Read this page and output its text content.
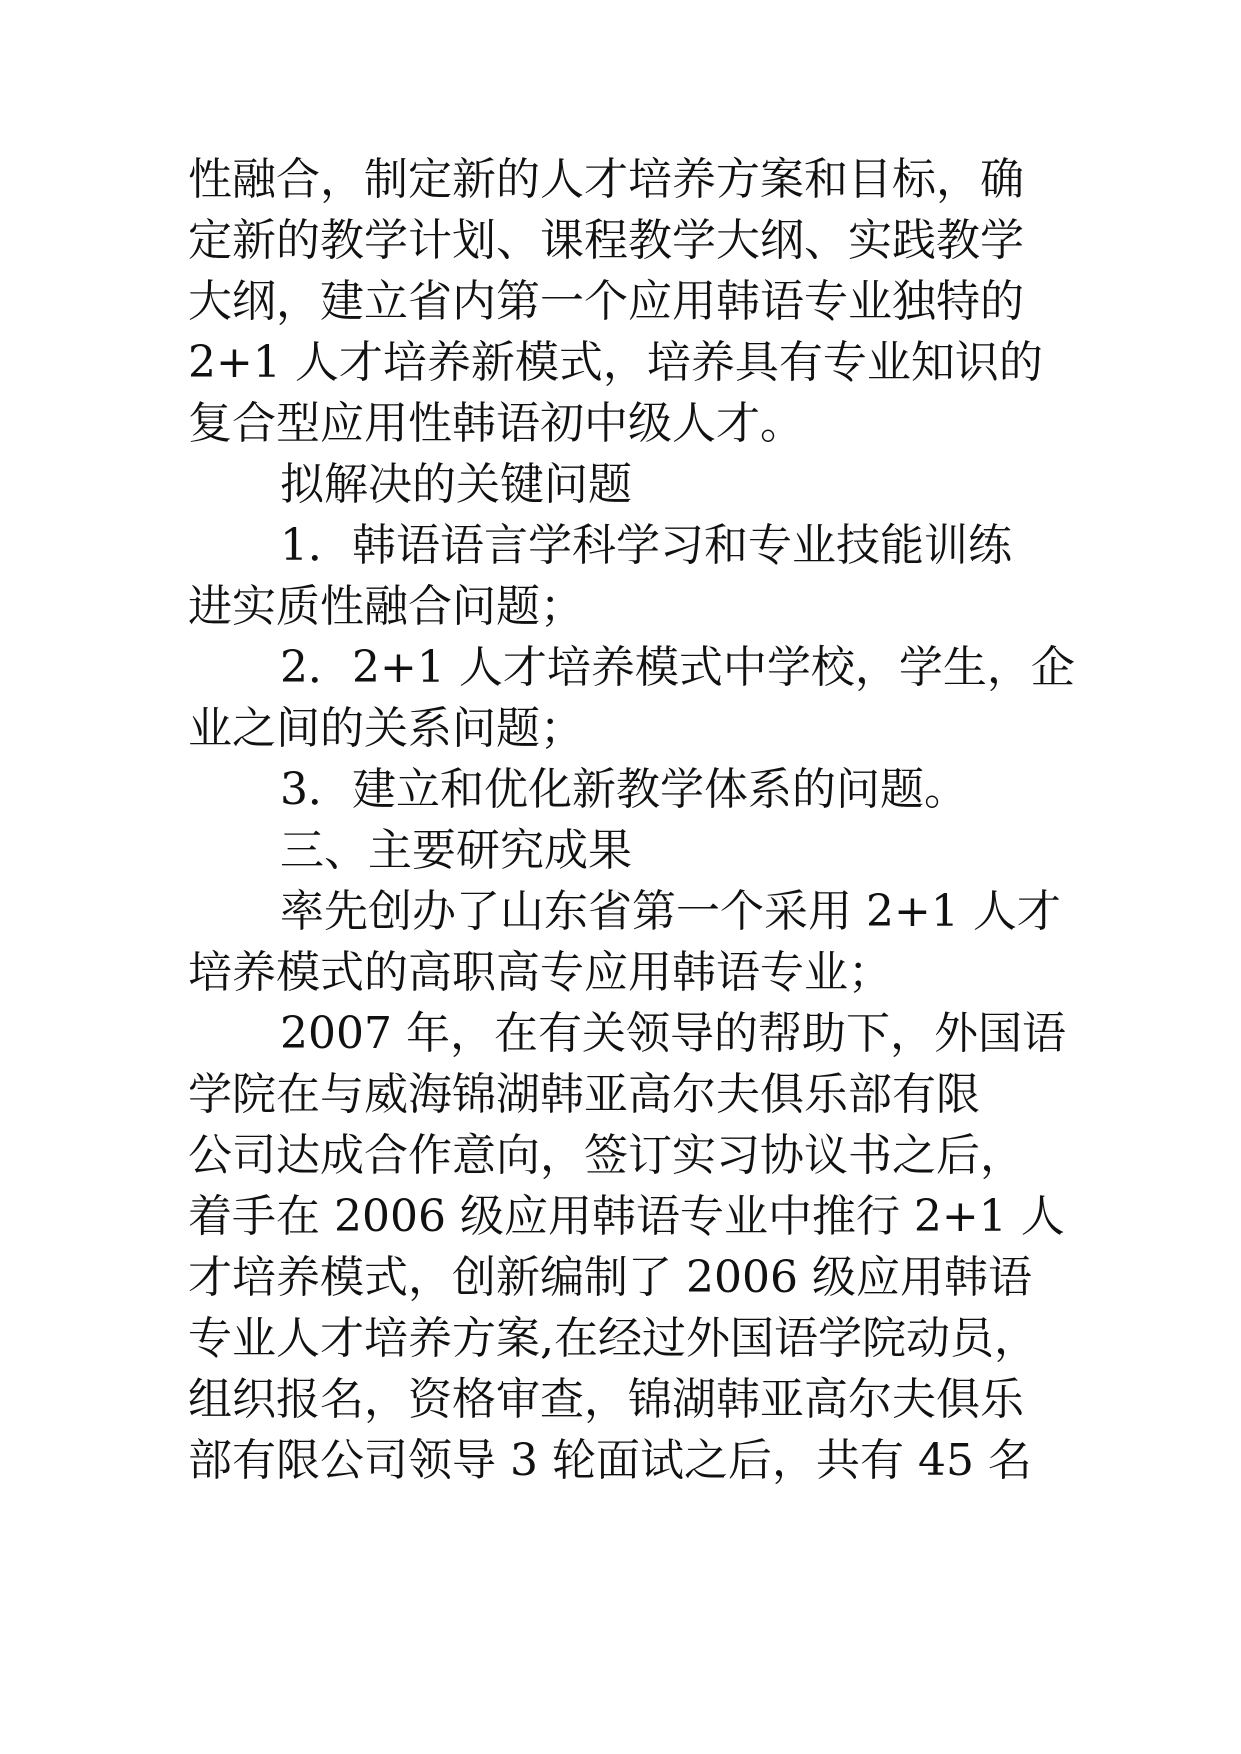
性融合，制定新的人才培养方案和目标，确
定新的教学计划、课程教学大纲、实践教学
大纲，建立省内第一个应用韩语专业独特的
2+1 人才培养新模式，培养具有专业知识的
复合型应用性韩语初中级人才。
拟解决的关键问题
1．韩语语言学科学习和专业技能训练
进实质性融合问题；
2．2+1 人才培养模式中学校，学生，企
业之间的关系问题；
3．建立和优化新教学体系的问题。
三、主要研究成果
率先创办了山东省第一个采用 2+1 人才
培养模式的高职高专应用韩语专业；
2007 年，在有关领导的帮助下，外国语
学院在与威海锦湖韩亚高尔夫俱乐部有限
公司达成合作意向，签订实习协议书之后，
着手在 2006 级应用韩语专业中推行 2+1 人
才培养模式，创新编制了 2006 级应用韩语
专业人才培养方案,在经过外国语学院动员，
组织报名，资格审查，锦湖韩亚高尔夫俱乐
部有限公司领导 3 轮面试之后，共有 45 名
